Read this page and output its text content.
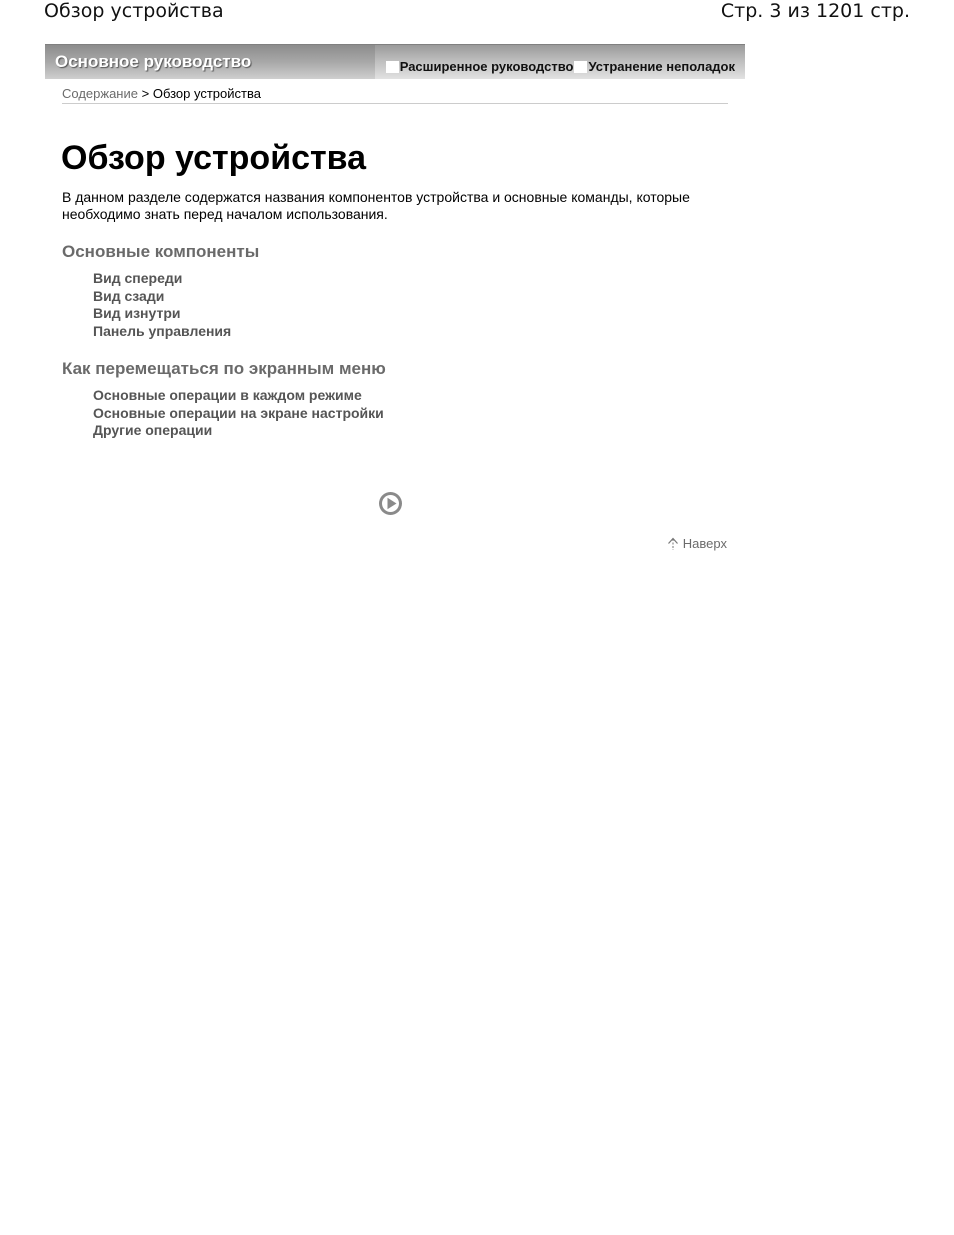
Обзор устройства	Стр. 3 из 1201 стр.
Основное руководство	Расширенное руководство Устранение неполадок
Содержание > Обзор устройства
Обзор устройства

В данном разделе содержатся названия компонентов устройства и основные команды, которые необходимо знать перед началом использования.

Основные компоненты
Вид спереди
Вид сзади
Вид изнутри
Панель управления
Как перемещаться по экранным меню
Основные операции в каждом режиме
Основные операции на экране настройки
Другие операции
Наверх
